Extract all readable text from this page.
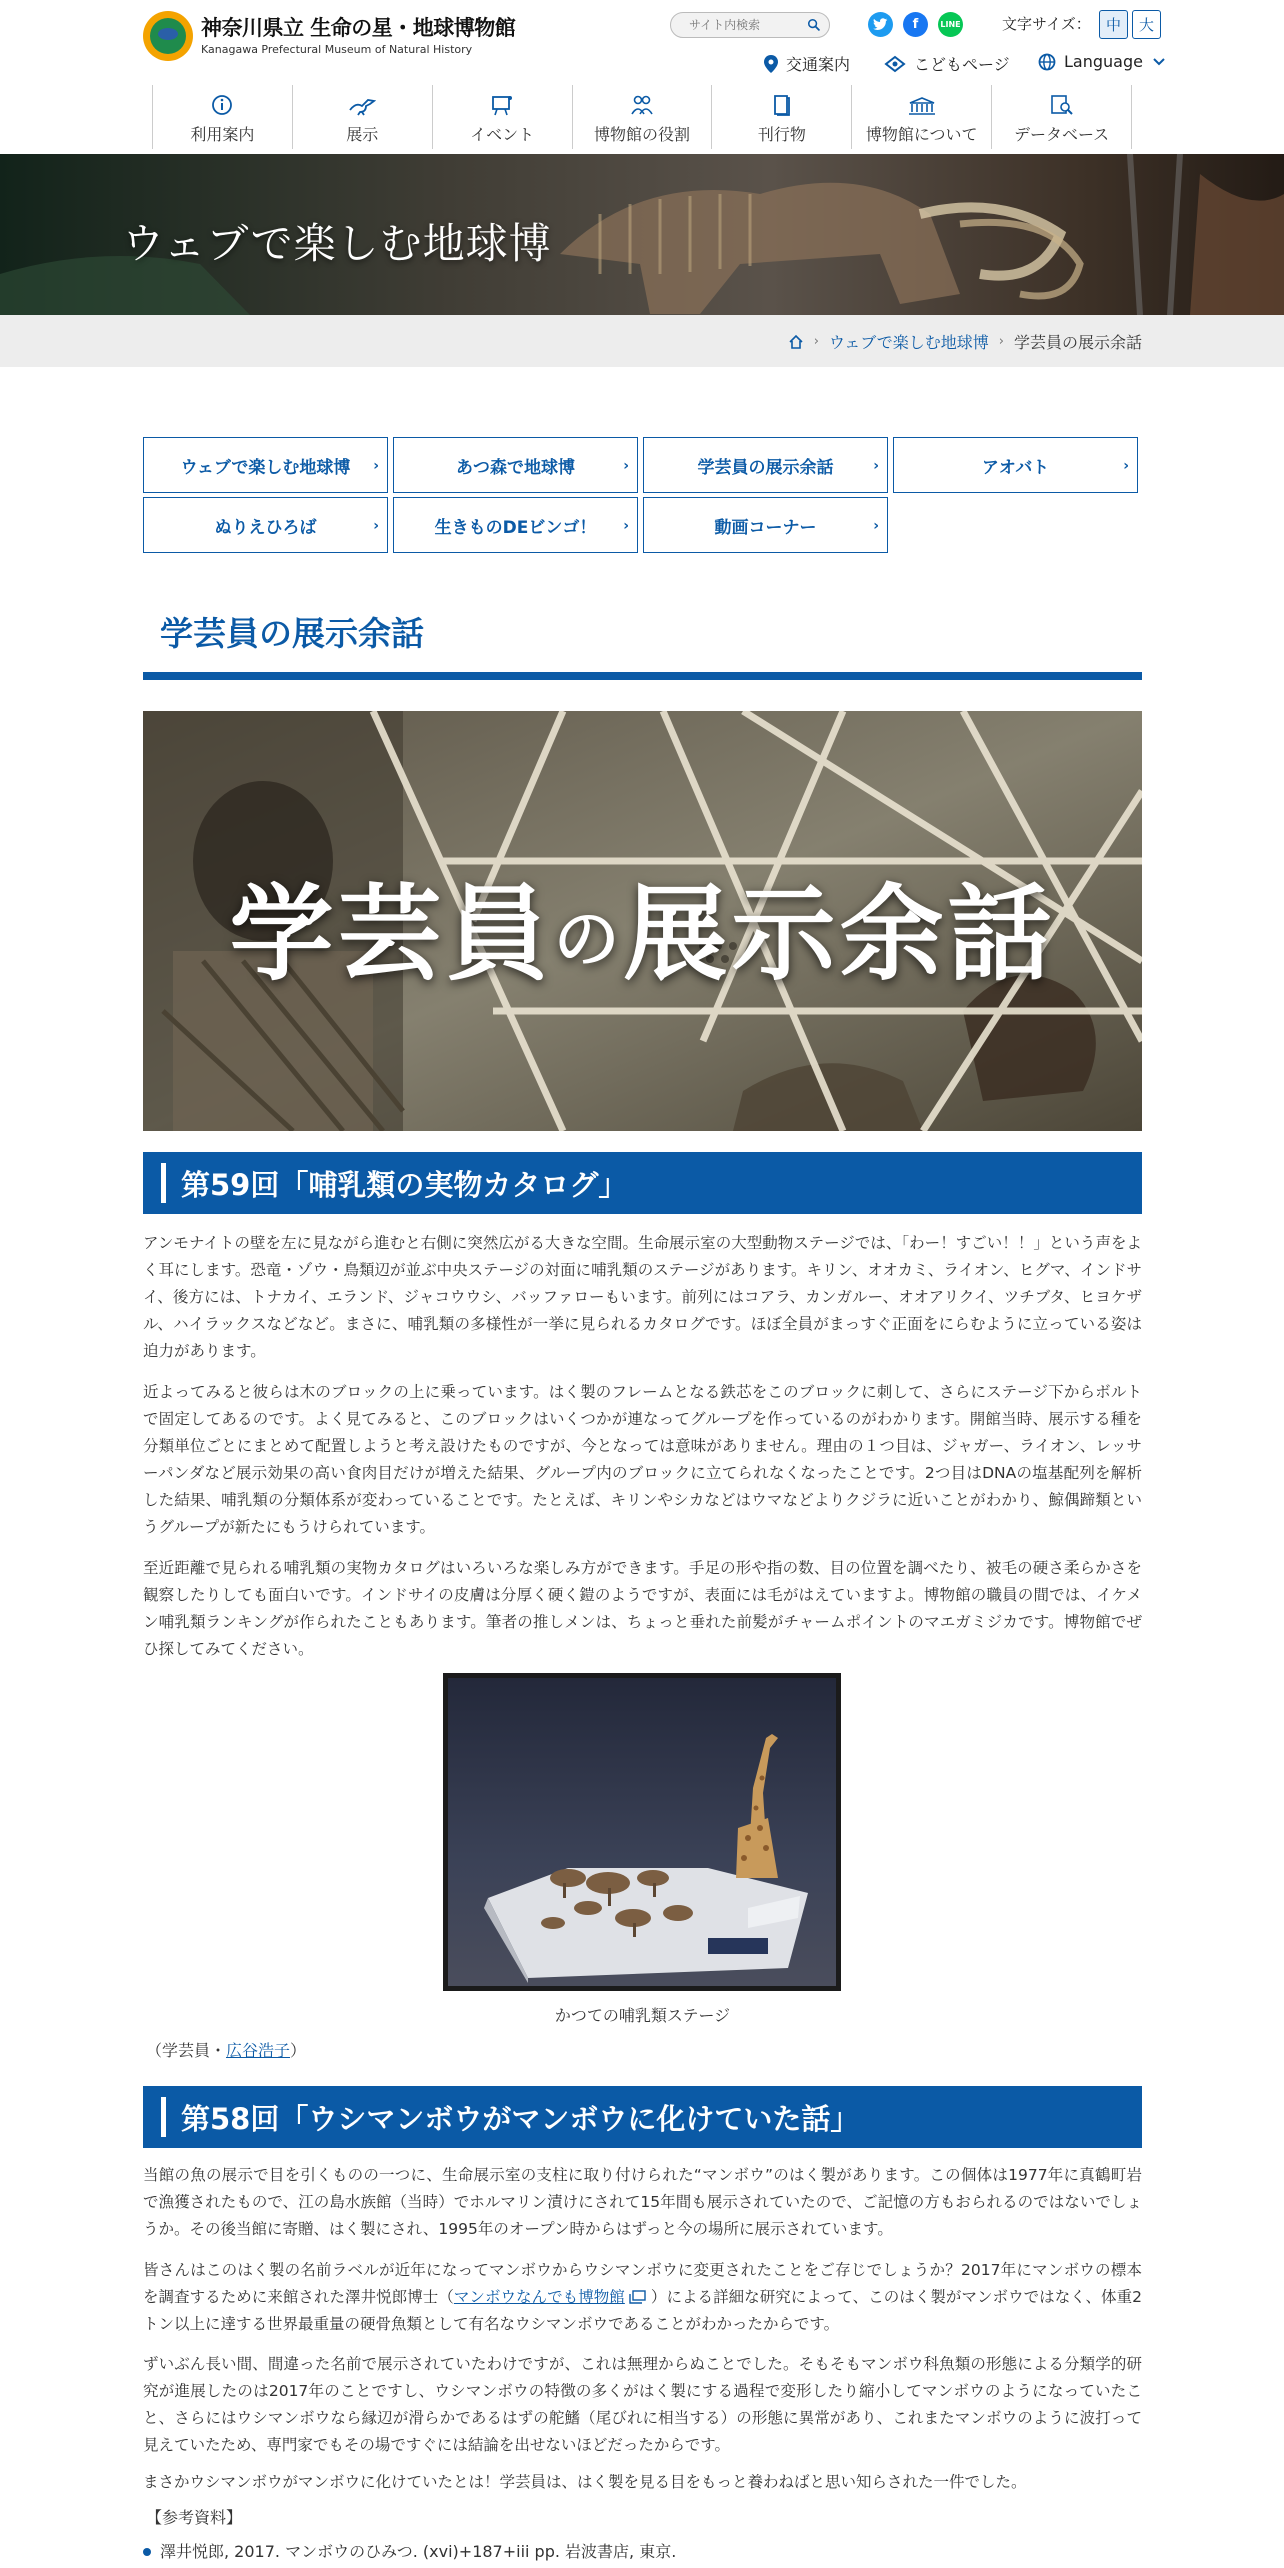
神奈川県立 生命の星・地球博物館
Kanagawa Prefectural Museum of Natural History
サイト内検索
f	LINE	文字サイズ：	中	大
交通案内	こどもページ	Language
利用案内	展示	イベント	博物館の役割	刊行物	博物館について データベース
ウェブで楽しむ地球博
› ウェブで楽しむ地球博 › 学芸員の展示余話
ウェブで楽しむ地球博 ›	あつ森で地球博	›	学芸員の展示余話	›	アオバト	›
ぬりえひろば	›	生きものDEビンゴ！ ›	動画コーナー	›
学芸員の展示余話
学芸員の展示余話
第59回「哺乳類の実物カタログ」
アンモナイトの壁を左に見ながら進むと右側に突然広がる大きな空間。生命展示室の大型動物ステージでは、「わー！すごい！！」という声をよく耳にします。恐竜・ゾウ・鳥類辺が並ぶ中央ステージの対面に哺乳類のステージがあります。キリン、オオカミ、ライオン、ヒグマ、インドサイ、後方には、トナカイ、エランド、ジャコウウシ、バッファローもいます。前列にはコアラ、カンガルー、オオアリクイ、ツチブタ、ヒヨケザル、ハイラックスなどなど。まさに、哺乳類の多様性が一挙に見られるカタログです。ほぼ全員がまっすぐ正面をにらむように立っている姿は迫力があります。
近よってみると彼らは木のブロックの上に乗っています。はく製のフレームとなる鉄芯をこのブロックに刺して、さらにステージ下からボルトで固定してあるのです。よく見てみると、このブロックはいくつかが連なってグループを作っているのがわかります。開館当時、展示する種を分類単位ごとにまとめて配置しようと考え設けたものですが、今となっては意味がありません。理由の１つ目は、ジャガー、ライオン、レッサーパンダなど展示効果の高い食肉目だけが増えた結果、グループ内のブロックに立てられなくなったことです。2つ目はDNAの塩基配列を解析した結果、哺乳類の分類体系が変わっていることです。たとえば、キリンやシカなどはウマなどよりクジラに近いことがわかり、鯨偶蹄類というグループが新たにもうけられています。
至近距離で見られる哺乳類の実物カタログはいろいろな楽しみ方ができます。手足の形や指の数、目の位置を調べたり、被毛の硬さ柔らかさを観察したりしても面白いです。インドサイの皮膚は分厚く硬く鎧のようですが、表面には毛がはえていますよ。博物館の職員の間では、イケメン哺乳類ランキングが作られたこともあります。筆者の推しメンは、ちょっと垂れた前髪がチャームポイントのマエガミジカです。博物館でぜひ探してみてください。
かつての哺乳類ステージ
（学芸員・広谷浩子）
第58回「ウシマンボウがマンボウに化けていた話」
当館の魚の展示で目を引くものの一つに、生命展示室の支柱に取り付けられた“マンボウ”のはく製があります。この個体は1977年に真鶴町岩で漁獲されたもので、江の島水族館（当時）でホルマリン漬けにされて15年間も展示されていたので、ご記憶の方もおられるのではないでしょうか。その後当館に寄贈、はく製にされ、1995年のオープン時からはずっと今の場所に展示されています。
皆さんはこのはく製の名前ラベルが近年になってマンボウからウシマンボウに変更されたことをご存じでしょうか？2017年にマンボウの標本を調査するために来館された澤井悦郎博士（マンボウなんでも博物館 ）による詳細な研究によって、このはく製がマンボウではなく、体重2トン以上に達する世界最重量の硬骨魚類として有名なウシマンボウであることがわかったからです。
ずいぶん長い間、間違った名前で展示されていたわけですが、これは無理からぬことでした。そもそもマンボウ科魚類の形態による分類学的研究が進展したのは2017年のことですし、ウシマンボウの特徴の多くがはく製にする過程で変形したり縮小してマンボウのようになっていたこと、さらにはウシマンボウなら縁辺が滑らかであるはずの舵鰭（尾びれに相当する）の形態に異常があり、これまたマンボウのように波打って見えていたため、専門家でもその場ですぐには結論を出せないほどだったからです。
まさかウシマンボウがマンボウに化けていたとは！学芸員は、はく製を見る目をもっと養わねばと思い知らされた一件でした。
【参考資料】
澤井悦郎, 2017. マンボウのひみつ. (xvi)+187+iii pp. 岩波書店, 東京.
